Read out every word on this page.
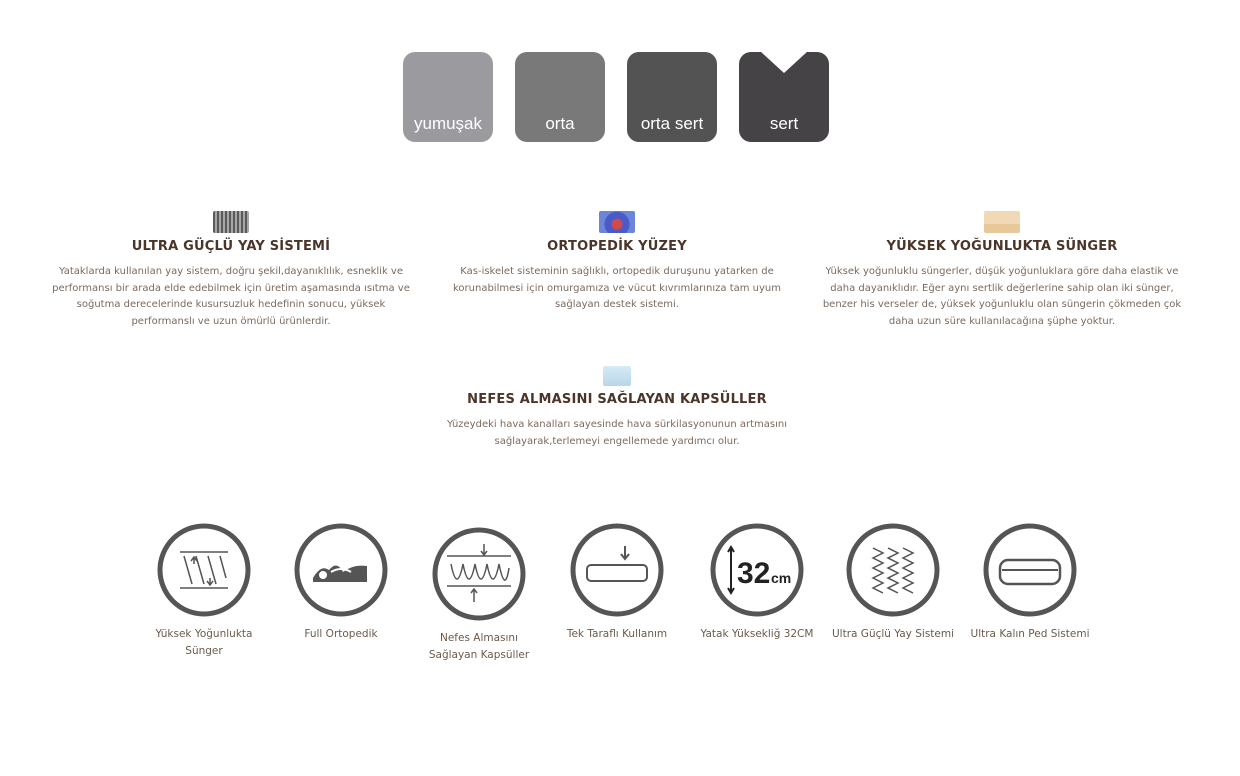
yumuşak	orta	orta sert	sert
ULTRA GÜÇLÜ YAY SİSTEMİ

Yataklarda kullanılan yay sistem, doğru şekil,dayanıklılık, esneklik ve
performansı bir arada elde edebilmek için üretim aşamasında ısıtma ve
soğutma derecelerinde kusursuzluk hedefinin sonucu, yüksek
performanslı ve uzun ömürlü ürünlerdir.

ORTOPEDİK YÜZEY

Kas-iskelet sisteminin sağlıklı, ortopedik duruşunu yatarken de
korunabilmesi için omurgamıza ve vücut kıvrımlarınıza tam uyum
sağlayan destek sistemi.

YÜKSEK YOĞUNLUKTA SÜNGER

Yüksek yoğunluklu süngerler, düşük yoğunluklara göre daha elastik ve
daha dayanıklıdır. Eğer aynı sertlik değerlerine sahip olan iki sünger,
benzer his verseler de, yüksek yoğunluklu olan süngerin çökmeden çok
daha uzun süre kullanılacağına şüphe yoktur.

NEFES ALMASINI SAĞLAYAN KAPSÜLLER

Yüzeydeki hava kanalları sayesinde hava sürkilasyonunun artmasını
sağlayarak,terlemeyi engellemede yardımcı olur.

Yüksek Yoğunlukta
Sünger
Full Ortopedik	Nefes Almasını
Sağlayan Kapsüller
Tek Taraflı Kullanım
32 cm
Yatak Yüksekliğ 32CM Ultra Güçlü Yay Sistemi Ultra Kalın Ped Sistemi
